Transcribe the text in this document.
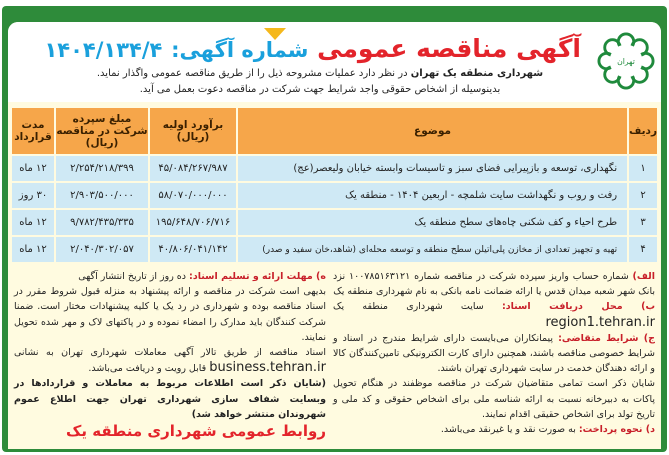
تهران
آگهی مناقصه عمومی شماره آگهی: ۱۴۰۴/۱۳۴/۴
شهرداری منطقه یک تهران در نظر دارد عملیات مشروحه ذیل را از طریق مناقصه عمومی واگذار نماید.
بدینوسیله از اشخاص حقوقی واجد شرایط جهت شرکت در مناقصه دعوت بعمل می آید.
ردیف	موضوع	برآورد اولیه (ریال)	مبلغ سپرده شرکت در مناقصه (ریال)	مدت قرارداد
۱	نگهداری، توسعه و بازپیرایی فضای سبز و تاسیسات وابسته خیابان ولیعصر(عج)	۴۵/۰۸۴/۲۶۷/۹۸۷	۲/۲۵۴/۲۱۸/۳۹۹	۱۲ ماه
۲	رفت و روب و نگهداشت سایت شلمچه - اربعین ۱۴۰۴ - منطقه یک	۵۸/۰۷۰/۰۰۰/۰۰۰	۲/۹۰۳/۵۰۰/۰۰۰	۳۰ روز
۳	طرح احیاء و کف شکنی چاه‌های سطح منطقه یک	۱۹۵/۶۴۸/۷۰۶/۷۱۶	۹/۷۸۲/۴۳۵/۳۳۵	۱۲ ماه
۴	تهیه و تجهیز تعدادی از مخازن پلی‌اتیلن سطح منطقه و توسعه محله‌ای (شاهد،خان سفید و صدر)	۴۰/۸۰۶/۰۴۱/۱۴۲	۲/۰۴۰/۳۰۲/۰۵۷	۱۲ ماه

الف) شماره حساب واریز سپرده شرکت در مناقصه شماره ۱۰۰۷۸۵۱۶۳۱۲۱ نزد بانک شهر شعبه میدان قدس یا ارائه ضمانت نامه بانکی به نام شهرداری منطقه یک

ب) محل دریافت اسناد: سایت شهرداری منطقه یک region1.tehran.ir

ج) شرایط متقاضی: پیمانکاران می‌بایست دارای شرایط مندرج در اسناد و شرایط خصوصی مناقصه باشند، همچنین دارای کارت الکترونیکی تامین‌کنندگان کالا و ارائه دهندگان خدمت در سایت شهرداری تهران باشند.

شایان ذکر است تمامی متقاضیان شرکت در مناقصه موظفند در هنگام تحویل پاکات به دبیرخانه نسبت به ارائه شناسه ملی برای اشخاص حقوقی و کد ملی و تاریخ تولد برای اشخاص حقیقی اقدام نمایند.

د) نحوه پرداخت: به صورت نقد و یا غیرنقد می‌باشد.

ه) مهلت ارائه و تسلیم اسناد: ده روز از تاریخ انتشار آگهی

بدیهی است شرکت در مناقصه و ارائه پیشنهاد به منزله قبول شروط مقرر در اسناد مناقصه بوده و شهرداری در رد یک یا کلیه پیشنهادات مختار است. ضمنا شرکت کنندگان باید مدارک را امضاء نموده و در پاکتهای لاک و مهر شده تحویل نمایند.

اسناد مناقصه از طریق تالار آگهی معاملات شهرداری تهران به نشانی business.tehran.ir قابل رویت و دریافت می‌باشد.

(شایان ذکر است اطلاعات مربوط به معاملات و قراردادها در وبسایت شفاف سازی شهرداری تهران جهت اطلاع عموم شهروندان منتشر خواهد شد)

روابط عمومی شهرداری منطقه یک
